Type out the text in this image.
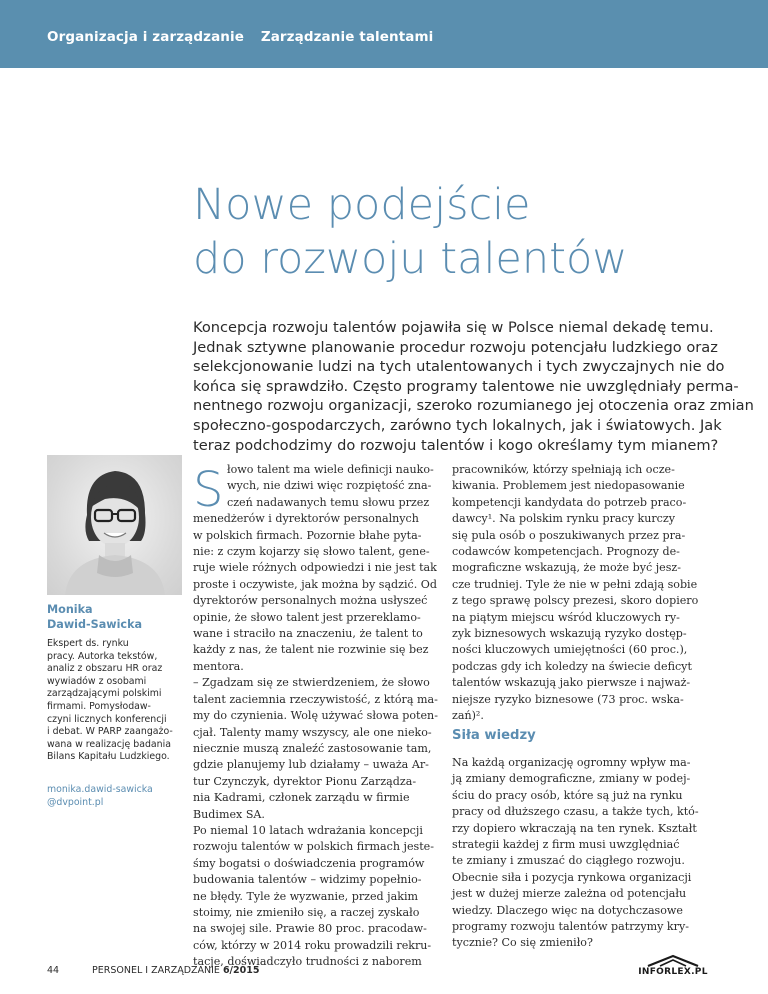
Organizacja i zarządzanie Zarządzanie talentami
Nowe podejście
do rozwoju talentów
Koncepcja rozwoju talentów pojawiła się w Polsce niemal dekadę temu.
Jednak sztywne planowanie procedur rozwoju potencjału ludzkiego oraz
selekcjonowanie ludzi na tych utalentowanych i tych zwyczajnych nie do
końca się sprawdziło. Często programy talentowe nie uwzględniały perma-
nentnego rozwoju organizacji, szeroko rozumianego jej otoczenia oraz zmian
społeczno-gospodarczych, zarówno tych lokalnych, jak i światowych. Jak
teraz podchodzimy do rozwoju talentów i kogo określamy tym mianem?
Monika
Dawid-Sawicka
Ekspert ds. rynku
pracy. Autorka tekstów,
analiz z obszaru HR oraz
wywiadów z osobami
zarządzającymi polskimi
firmami. Pomysłodaw-
czyni licznych konferencji
i debat. W PARP zaangażo-
wana w realizację badania
Bilans Kapitału Ludzkiego.
monika.dawid-sawicka
@dvpoint.pl
S łowo talent ma wiele definicji nauko-
wych, nie dziwi więc rozpiętość zna-
czeń nadawanych temu słowu przez
menedżerów i dyrektorów personalnych
w polskich firmach. Pozornie błahe pyta-
nie: z czym kojarzy się słowo talent, gene-
ruje wiele różnych odpowiedzi i nie jest tak
proste i oczywiste, jak można by sądzić. Od
dyrektorów personalnych można usłyszeć
opinie, że słowo talent jest przereklamo-
wane i straciło na znaczeniu, że talent to
każdy z nas, że talent nie rozwinie się bez
mentora.
– Zgadzam się ze stwierdzeniem, że słowo
talent zaciemnia rzeczywistość, z którą ma-
my do czynienia. Wolę używać słowa poten-
cjał. Talenty mamy wszyscy, ale one nieko-
niecznie muszą znaleźć zastosowanie tam,
gdzie planujemy lub działamy – uważa Ar-
tur Czynczyk, dyrektor Pionu Zarządza-
nia Kadrami, członek zarządu w firmie
Budimex SA.
Po niemal 10 latach wdrażania koncepcji
rozwoju talentów w polskich firmach jeste-
śmy bogatsi o doświadczenia programów
budowania talentów – widzimy popełnio-
ne błędy. Tyle że wyzwanie, przed jakim
stoimy, nie zmieniło się, a raczej zyskało
na swojej sile. Prawie 80 proc. pracodaw-
ców, którzy w 2014 roku prowadzili rekru-
tacje, doświadczyło trudności z naborem
pracowników, którzy spełniają ich ocze-
kiwania. Problemem jest niedopasowanie
kompetencji kandydata do potrzeb praco-
dawcy¹. Na polskim rynku pracy kurczy
się pula osób o poszukiwanych przez pra-
codawców kompetencjach. Prognozy de-
mograficzne wskazują, że może być jesz-
cze trudniej. Tyle że nie w pełni zdają sobie
z tego sprawę polscy prezesi, skoro dopiero
na piątym miejscu wśród kluczowych ry-
zyk biznesowych wskazują ryzyko dostęp-
ności kluczowych umiejętności (60 proc.),
podczas gdy ich koledzy na świecie deficyt
talentów wskazują jako pierwsze i najważ-
niejsze ryzyko biznesowe (73 proc. wska-
zań)².
Siła wiedzy
Na każdą organizację ogromny wpływ ma-
ją zmiany demograficzne, zmiany w podej-
ściu do pracy osób, które są już na rynku
pracy od dłuższego czasu, a także tych, któ-
rzy dopiero wkraczają na ten rynek. Kształt
strategii każdej z firm musi uwzględniać
te zmiany i zmuszać do ciągłego rozwoju.
Obecnie siła i pozycja rynkowa organizacji
jest w dużej mierze zależna od potencjału
wiedzy. Dlaczego więc na dotychczasowe
programy rozwoju talentów patrzymy kry-
tycznie? Co się zmieniło?
44	PERSONEL I ZARZĄDZANIE 6/2015	INFORLEX.PL
